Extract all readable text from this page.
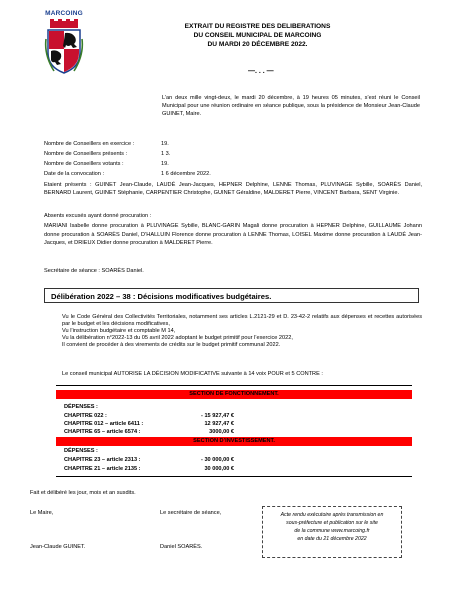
MARCOING
EXTRAIT DU REGISTRE DES DELIBERATIONS
DU CONSEIL MUNICIPAL DE MARCOING
DU MARDI 20 DÉCEMBRE 2022.
—. . . —
L’an deux mille vingt-deux, le mardi 20 décembre, à 19 heures 05 minutes, s’est réuni le Conseil Municipal pour une réunion ordinaire en séance publique, sous la présidence de Monsieur Jean-Claude GUINET, Maire.
Nombre de Conseillers en exercice :	19.
Nombre de Conseillers présents :	1 3.
Nombre de Conseillers votants :	19.
Date de la convocation :	1 6 décembre 2022.
Etaient présents : GUINET Jean-Claude, LAUDÉ Jean-Jacques, HEPNER Delphine, LENNE Thomas, PLUVINAGE Sybille, SOARÈS Daniel, BERNARD Laurent, GUINET Stéphanie, CARPENTIER Christophe, GUINET Géraldine, MALDERET Pierre, VINCENT Barbara, SENT Virginie.
Absents excusés ayant donné procuration :
MARIANI Isabelle donne procuration à PLUVINAGE Sybille, BLANC-GARIN Magali donne procuration à HEPNER Delphine, GUILLAUME Johann donne procuration à SOARÈS Daniel, D’HALLUIN Florence donne procuration à LENNE Thomas, LOISEL Maxime donne procuration à LAUDÉ Jean-Jacques, et DRIEUX Didier donne procuration à MALDERET Pierre.
Secrétaire de séance : SOARÈS Daniel.
Délibération 2022 – 38 : Décisions modificatives budgétaires.
Vu le Code Général des Collectivités Territoriales, notamment ses articles L.2121-29 et D. 23-42-2 relatifs aux dépenses et recettes autorisées par le budget et les décisions modificatives,
Vu l’instruction budgétaire et comptable M 14,
Vu la délibération n°2022-13 du 05 avril 2022 adoptant le budget primitif pour l’exercice 2022,
Il convient de procéder à des virements de crédits sur le budget primitif communal 2022.
Le conseil municipal AUTORISE LA DÉCISION MODIFICATIVE suivante à 14 voix POUR et 5 CONTRE :
SECTION DE FONCTIONNEMENT.
DÉPENSES :
CHAPITRE 022 :	- 15 927,47 €
CHAPITRE 012 – article 6411 :	12 927,47 €
CHAPITRE 65 – article 6574 :	3000,00 €
SECTION D’INVESTISSEMENT.
DÉPENSES :
CHAPITRE 23 – article 2313 :	- 30 000,00 €
CHAPITRE 21 – article 2135 :	30 000,00 €
Fait et délibéré les jour, mois et an susdits.
Le Maire,	Le secrétaire de séance,
Jean-Claude GUINET.	Daniel SOARÈS.
Acte rendu exécutoire après transmission en
sous-préfecture et publication sur le site
de la commune www.marcoing.fr
en date du 21 décembre 2022
